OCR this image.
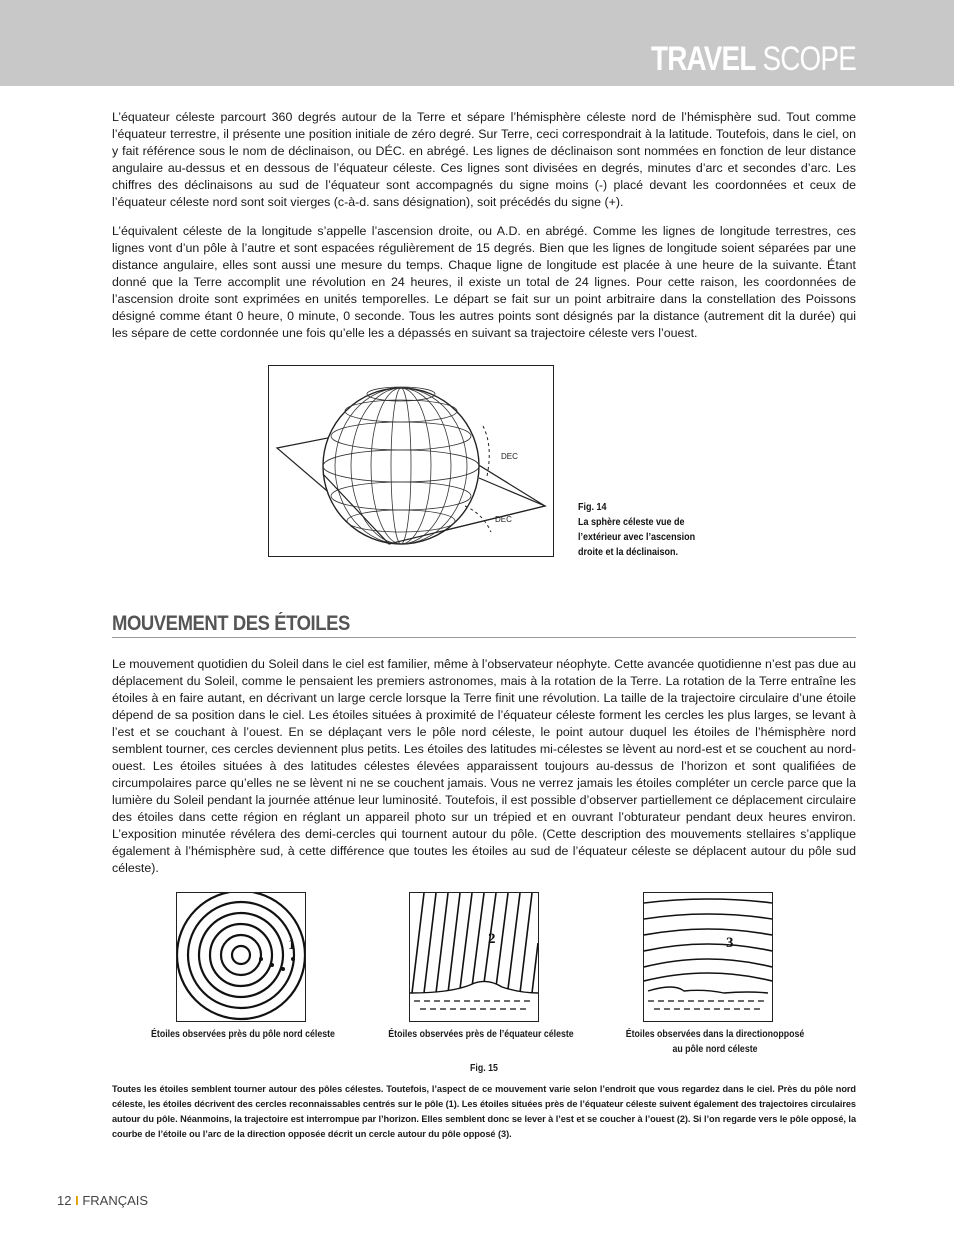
TRAVEL SCOPE

L’équateur céleste parcourt 360 degrés autour de la Terre et sépare l’hémisphère céleste nord de l’hémisphère sud. Tout comme l’équateur terrestre, il présente une position initiale de zéro degré. Sur Terre, ceci correspondrait à la latitude. Toutefois, dans le ciel, on y fait référence sous le nom de déclinaison, ou DÉC. en abrégé. Les lignes de déclinaison sont nommées en fonction de leur distance angulaire au-dessus et en dessous de l’équateur céleste. Ces lignes sont divisées en degrés, minutes d’arc et secondes d’arc. Les chiffres des déclinaisons au sud de l’équateur sont accompagnés du signe moins (-) placé devant les coordonnées et ceux de l’équateur céleste nord sont soit vierges (c-à-d. sans désignation), soit précédés du signe (+).

L’équivalent céleste de la longitude s’appelle l’ascension droite, ou A.D. en abrégé. Comme les lignes de longitude terrestres, ces lignes vont d’un pôle à l’autre et sont espacées régulièrement de 15 degrés. Bien que les lignes de longitude soient séparées par une distance angulaire, elles sont aussi une mesure du temps. Chaque ligne de longitude est placée à une heure de la suivante. Étant donné que la Terre accomplit une révolution en 24 heures, il existe un total de 24 lignes. Pour cette raison, les coordonnées de l’ascension droite sont exprimées en unités temporelles. Le départ se fait sur un point arbitraire dans la constellation des Poissons désigné comme étant 0 heure, 0 minute, 0 seconde. Tous les autres points sont désignés par la distance (autrement dit la durée) qui les sépare de cette cordonnée une fois qu’elle les a dépassés en suivant sa trajectoire céleste vers l’ouest.

DEC
DEC
Fig. 14
La sphère céleste vue de
l’extérieur avec l’ascension
droite et la déclinaison.
MOUVEMENT DES ÉTOILES

Le mouvement quotidien du Soleil dans le ciel est familier, même à l’observateur néophyte. Cette avancée quotidienne n’est pas due au déplacement du Soleil, comme le pensaient les premiers astronomes, mais à la rotation de la Terre. La rotation de la Terre entraîne les étoiles à en faire autant, en décrivant un large cercle lorsque la Terre finit une révolution. La taille de la trajectoire circulaire d’une étoile dépend de sa position dans le ciel. Les étoiles situées à proximité de l’équateur céleste forment les cercles les plus larges, se levant à l’est et se couchant à l’ouest. En se déplaçant vers le pôle nord céleste, le point autour duquel les étoiles de l’hémisphère nord semblent tourner, ces cercles deviennent plus petits. Les étoiles des latitudes mi-célestes se lèvent au nord-est et se couchent au nord-ouest. Les étoiles situées à des latitudes célestes élevées apparaissent toujours au-dessus de l’horizon et sont qualifiées de circumpolaires parce qu’elles ne se lèvent ni ne se couchent jamais. Vous ne verrez jamais les étoiles compléter un cercle parce que la lumière du Soleil pendant la journée atténue leur luminosité. Toutefois, il est possible d’observer partiellement ce déplacement circulaire des étoiles dans cette région en réglant un appareil photo sur un trépied et en ouvrant l’obturateur pendant deux heures environ. L’exposition minutée révélera des demi-cercles qui tournent autour du pôle. (Cette description des mouvements stellaires s’applique également à l’hémisphère sud, à cette différence que toutes les étoiles au sud de l’équateur céleste se déplacent autour du pôle sud céleste).

1	2	3
Étoiles observées près du pôle nord céleste	Étoiles observées près de l’équateur céleste	Étoiles observées dans la directionopposé
au pôle nord céleste
Fig. 15
Toutes les étoiles semblent tourner autour des pôles célestes. Toutefois, l’aspect de ce mouvement varie selon l’endroit que vous regardez dans le ciel. Près du pôle nord céleste, les étoiles décrivent des cercles reconnaissables centrés sur le pôle (1). Les étoiles situées près de l’équateur céleste suivent également des trajectoires circulaires autour du pôle. Néanmoins, la trajectoire est interrompue par l’horizon. Elles semblent donc se lever à l’est et se coucher à l’ouest (2). Si l’on regarde vers le pôle opposé, la courbe de l’étoile ou l’arc de la direction opposée décrit un cercle autour du pôle opposé (3).
12 I FRANÇAIS
